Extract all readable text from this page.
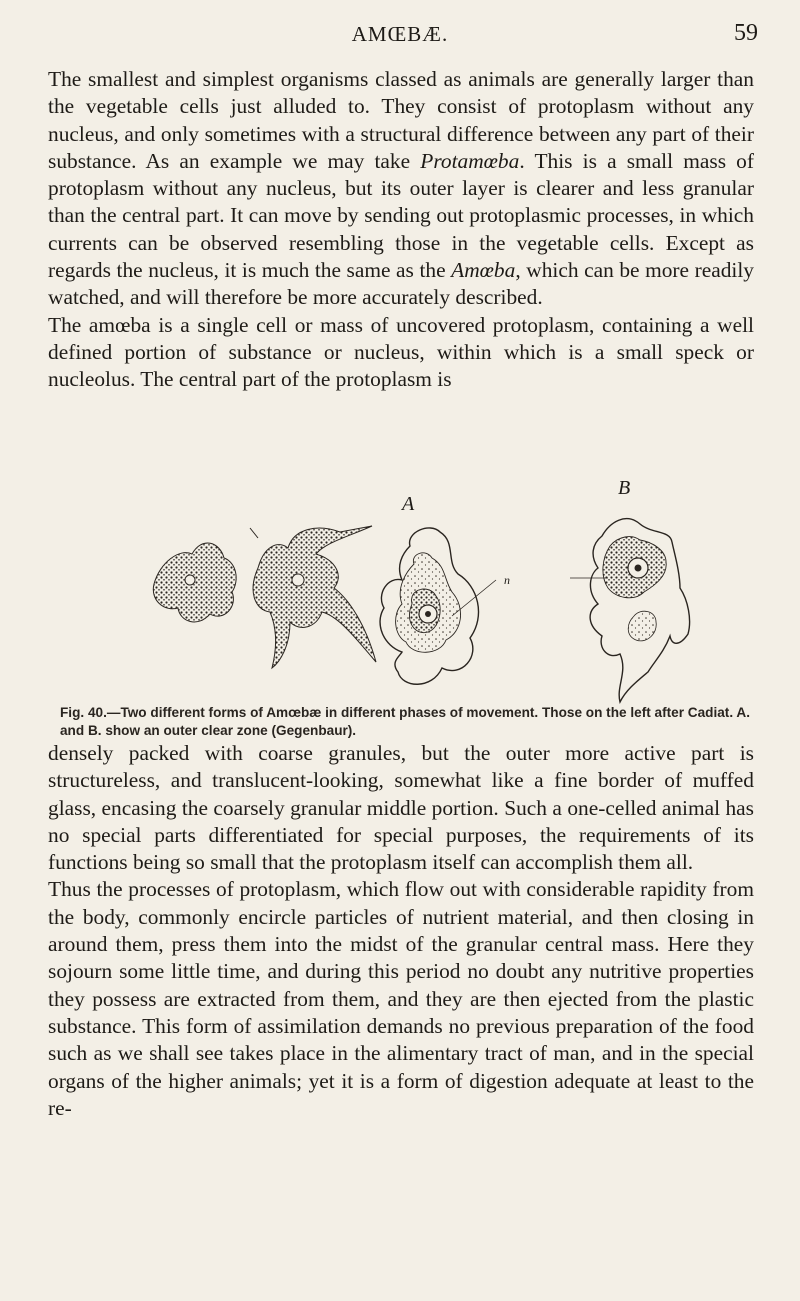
AMŒBÆ.	59

The smallest and simplest organisms classed as animals are generally larger than the vegetable cells just alluded to. They consist of protoplasm without any nucleus, and only sometimes with a structural difference between any part of their substance. As an example we may take Protamœba. This is a small mass of protoplasm without any nucleus, but its outer layer is clearer and less granular than the central part. It can move by sending out protoplasmic processes, in which currents can be observed resembling those in the vegetable cells. Except as regards the nucleus, it is much the same as the Amœba, which can be more readily watched, and will therefore be more accurately described.

The amœba is a single cell or mass of uncovered protoplasm, containing a well defined portion of substance or nucleus, within which is a small speck or nucleolus. The central part of the protoplasm is

A
n
B
Fig. 40.—Two different forms of Amœbæ in different phases of movement. Those on the left after Cadiat. A. and B. show an outer clear zone (Gegenbaur).

densely packed with coarse granules, but the outer more active part is structureless, and translucent-looking, somewhat like a fine border of muffed glass, encasing the coarsely granular middle portion. Such a one-celled animal has no special parts differentiated for special purposes, the requirements of its functions being so small that the protoplasm itself can accomplish them all.

Thus the processes of protoplasm, which flow out with considerable rapidity from the body, commonly encircle particles of nutrient material, and then closing in around them, press them into the midst of the granular central mass. Here they sojourn some little time, and during this period no doubt any nutritive properties they possess are extracted from them, and they are then ejected from the plastic substance. This form of assimilation demands no previous preparation of the food such as we shall see takes place in the alimentary tract of man, and in the special organs of the higher animals; yet it is a form of digestion adequate at least to the re-
